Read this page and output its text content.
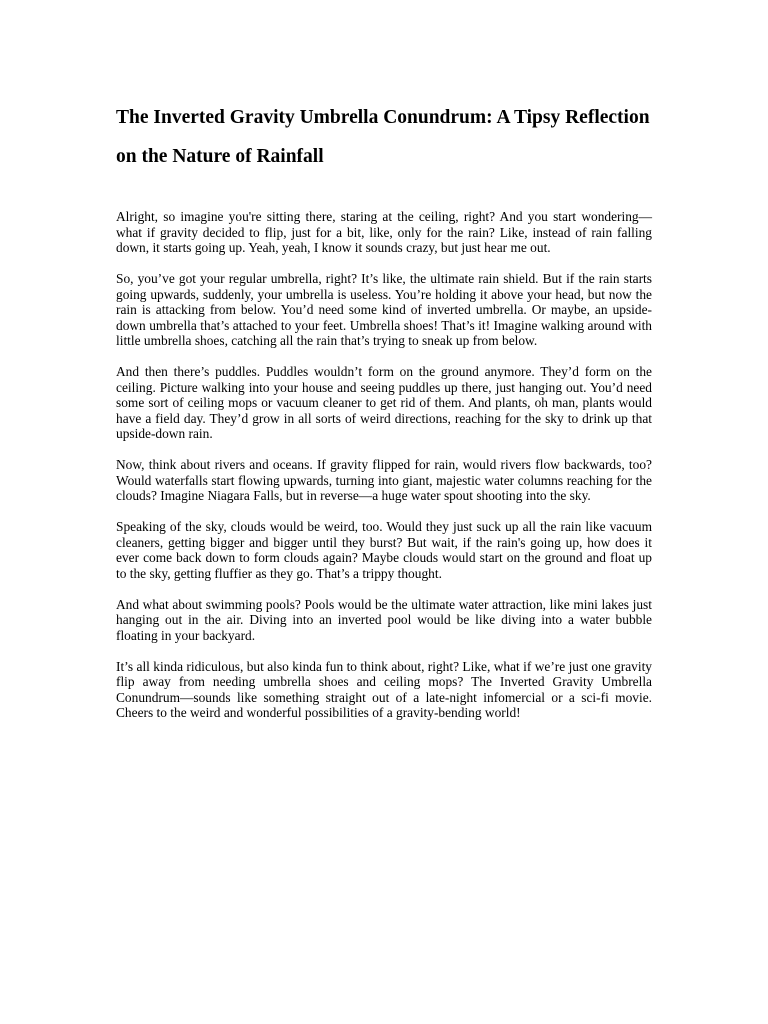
The Inverted Gravity Umbrella Conundrum: A Tipsy Reflection on the Nature of Rainfall

Alright, so imagine you're sitting there, staring at the ceiling, right? And you start wondering—what if gravity decided to flip, just for a bit, like, only for the rain? Like, instead of rain falling down, it starts going up. Yeah, yeah, I know it sounds crazy, but just hear me out.

So, you’ve got your regular umbrella, right? It’s like, the ultimate rain shield. But if the rain starts going upwards, suddenly, your umbrella is useless. You’re holding it above your head, but now the rain is attacking from below. You’d need some kind of inverted umbrella. Or maybe, an upside-down umbrella that’s attached to your feet. Umbrella shoes! That’s it! Imagine walking around with little umbrella shoes, catching all the rain that’s trying to sneak up from below.

And then there’s puddles. Puddles wouldn’t form on the ground anymore. They’d form on the ceiling. Picture walking into your house and seeing puddles up there, just hanging out. You’d need some sort of ceiling mops or vacuum cleaner to get rid of them. And plants, oh man, plants would have a field day. They’d grow in all sorts of weird directions, reaching for the sky to drink up that upside-down rain.

Now, think about rivers and oceans. If gravity flipped for rain, would rivers flow backwards, too? Would waterfalls start flowing upwards, turning into giant, majestic water columns reaching for the clouds? Imagine Niagara Falls, but in reverse—a huge water spout shooting into the sky.

Speaking of the sky, clouds would be weird, too. Would they just suck up all the rain like vacuum cleaners, getting bigger and bigger until they burst? But wait, if the rain's going up, how does it ever come back down to form clouds again? Maybe clouds would start on the ground and float up to the sky, getting fluffier as they go. That’s a trippy thought.

And what about swimming pools? Pools would be the ultimate water attraction, like mini lakes just hanging out in the air. Diving into an inverted pool would be like diving into a water bubble floating in your backyard.

It’s all kinda ridiculous, but also kinda fun to think about, right? Like, what if we’re just one gravity flip away from needing umbrella shoes and ceiling mops? The Inverted Gravity Umbrella Conundrum—sounds like something straight out of a late-night infomercial or a sci-fi movie. Cheers to the weird and wonderful possibilities of a gravity-bending world!
